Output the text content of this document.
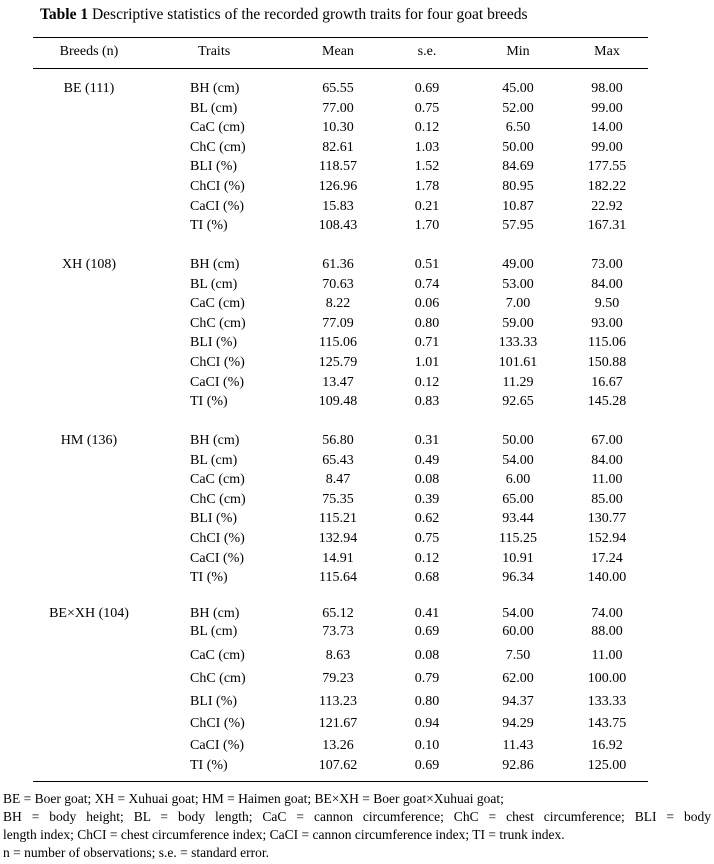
Table 1 Descriptive statistics of the recorded growth traits for four goat breeds
Breeds (n)	Traits	Mean	s.e.	Min	Max
BE (111)	BH (cm)	65.55	0.69	45.00	98.00
BL (cm)	77.00	0.75	52.00	99.00
CaC (cm)	10.30	0.12	6.50	14.00
ChC (cm)	82.61	1.03	50.00	99.00
BLI (%)	118.57	1.52	84.69	177.55
ChCI (%)	126.96	1.78	80.95	182.22
CaCI (%)	15.83	0.21	10.87	22.92
TI (%)	108.43	1.70	57.95	167.31
XH (108)	BH (cm)	61.36	0.51	49.00	73.00
BL (cm)	70.63	0.74	53.00	84.00
CaC (cm)	8.22	0.06	7.00	9.50
ChC (cm)	77.09	0.80	59.00	93.00
BLI (%)	115.06	0.71	133.33	115.06
ChCI (%)	125.79	1.01	101.61	150.88
CaCI (%)	13.47	0.12	11.29	16.67
TI (%)	109.48	0.83	92.65	145.28
HM (136)	BH (cm)	56.80	0.31	50.00	67.00
BL (cm)	65.43	0.49	54.00	84.00
CaC (cm)	8.47	0.08	6.00	11.00
ChC (cm)	75.35	0.39	65.00	85.00
BLI (%)	115.21	0.62	93.44	130.77
ChCI (%)	132.94	0.75	115.25	152.94
CaCI (%)	14.91	0.12	10.91	17.24
TI (%)	115.64	0.68	96.34	140.00
BE×XH (104)	BH (cm)	65.12	0.41	54.00	74.00
BL (cm)	73.73	0.69	60.00	88.00
CaC (cm)	8.63	0.08	7.50	11.00
ChC (cm)	79.23	0.79	62.00	100.00
BLI (%)	113.23	0.80	94.37	133.33
ChCI (%)	121.67	0.94	94.29	143.75
CaCI (%)	13.26	0.10	11.43	16.92
TI (%)	107.62	0.69	92.86	125.00
BE = Boer goat; XH = Xuhuai goat; HM = Haimen goat; BE×XH = Boer goat×Xuhuai goat;
BH = body height; BL = body length; CaC = cannon circumference; ChC = chest circumference; BLI = body
length index; ChCI = chest circumference index; CaCI = cannon circumference index; TI = trunk index.
n = number of observations; s.e. = standard error.
